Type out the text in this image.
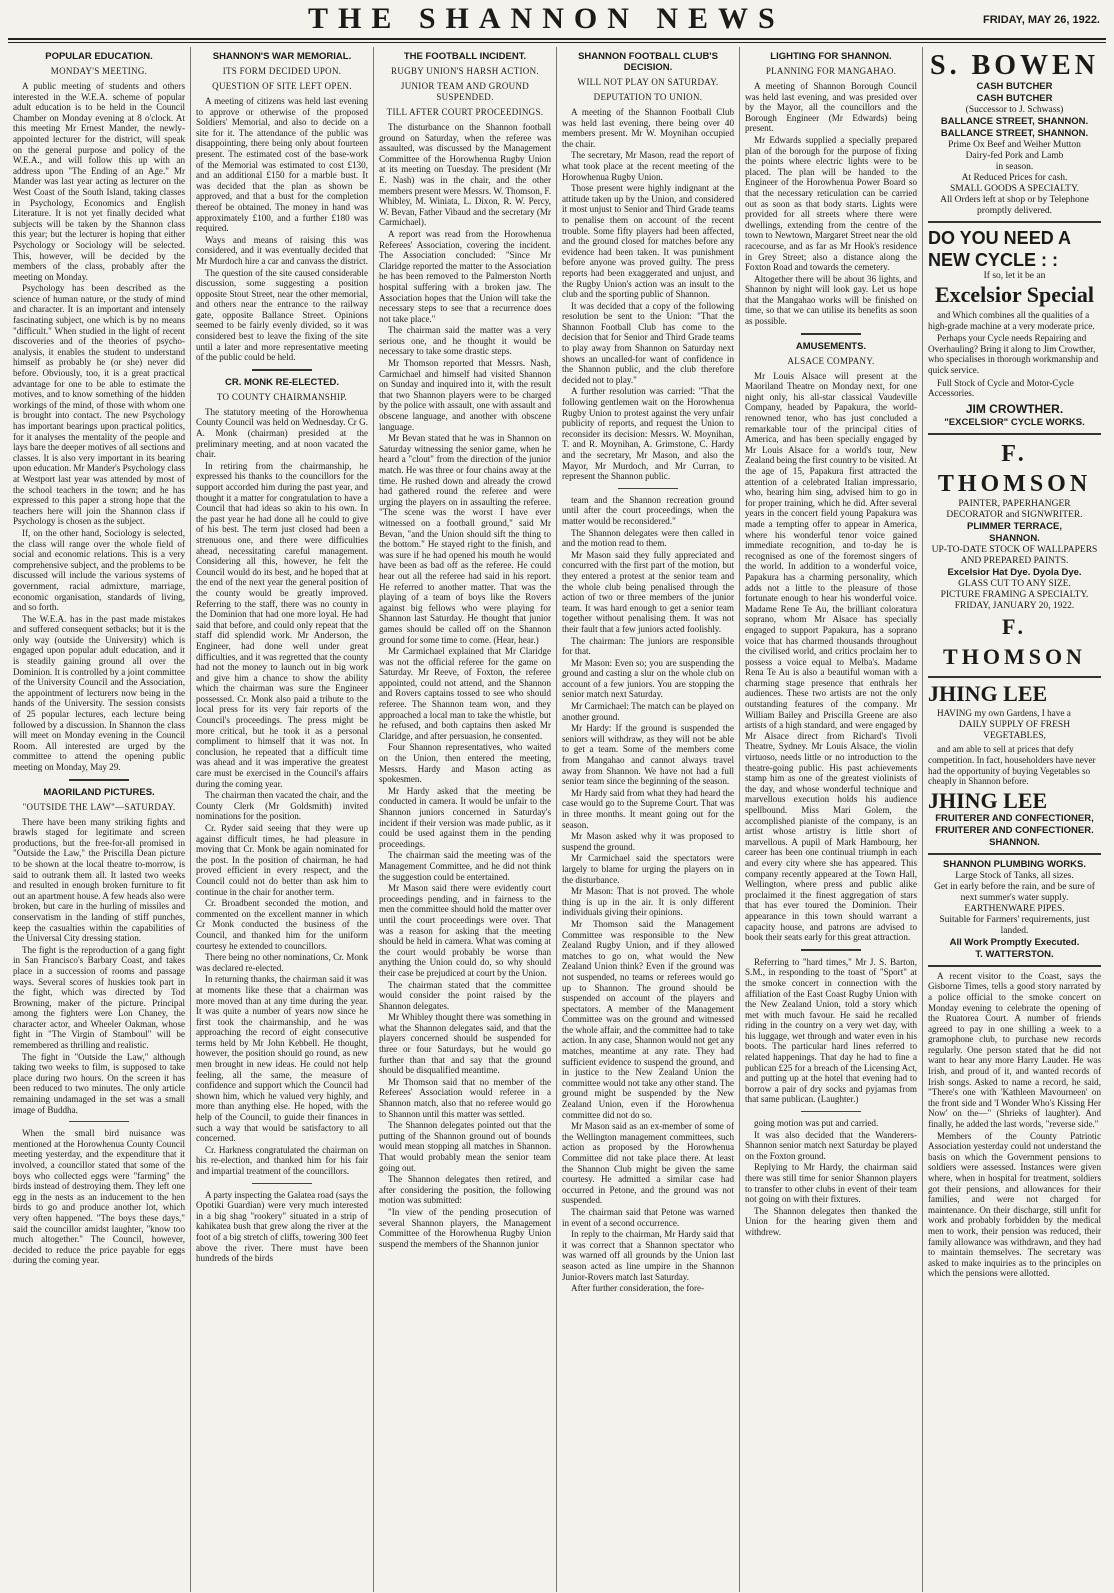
THE SHANNON NEWS	FRIDAY, MAY 26, 1922.
POPULAR EDUCATION.
MONDAY'S MEETING.

A public meeting of students and others interested in the W.E.A. scheme of popular adult education is to be held in the Council Chamber on Monday evening at 8 o'clock. At this meeting Mr Ernest Mander, the newly-appointed lecturer for the district, will speak on the general purpose and policy of the W.E.A., and will follow this up with an address upon "The Ending of an Age." Mr Mander was last year acting as lecturer on the West Coast of the South Island, taking classes in Psychology, Economics and English Literature. It is not yet finally decided what subjects will be taken by the Shannon class this year; but the lecturer is hoping that either Psychology or Sociology will be selected. This, however, will be decided by the members of the class, probably after the meeting on Monday.

Psychology has been described as the science of human nature, or the study of mind and character. It is an important and intensely fascinating subject, one which is by no means "difficult." When studied in the light of recent discoveries and of the theories of psycho-analysis, it enables the student to understand himself as probably he (or she) never did before. Obviously, too, it is a great practical advantage for one to be able to estimate the motives, and to know something of the hidden workings of the mind, of those with whom one is brought into contact. The new Psychology has important bearings upon practical politics, for it analyses the mentality of the people and lays bare the deeper motives of all sections and classes. It is also very important in its bearing upon education. Mr Mander's Psychology class at Westport last year was attended by most of the school teachers in the town; and he has expressed to this paper a strong hope that the teachers here will join the Shannon class if Psychology is chosen as the subject.

If, on the other hand, Sociology is selected, the class will range over the whole field of social and economic relations. This is a very comprehensive subject, and the problems to be discussed will include the various systems of government, racial admixture, marriage, economic organisation, standards of living, and so forth.

The W.E.A. has in the past made mistakes and suffered consequent setbacks; but it is the only way (outside the University) which is engaged upon popular adult education, and it is steadily gaining ground all over the Dominion. It is controlled by a joint committee of the University Council and the Association, the appointment of lecturers now being in the hands of the University. The session consists of 25 popular lectures, each lecture being followed by a discussion. In Shannon the class will meet on Monday evening in the Council Room. All interested are urged by the committee to attend the opening public meeting on Monday, May 29.

MAORILAND PICTURES.
"OUTSIDE THE LAW"—SATURDAY.

There have been many striking fights and brawls staged for legitimate and screen productions, but the free-for-all promised in "Outside the Law," the Priscilla Dean picture to be shown at the local theatre to-morrow, is said to outrank them all. It lasted two weeks and resulted in enough broken furniture to fit out an apartment house. A few heads also were broken, but care in the hurling of missiles and conservatism in the landing of stiff punches, keep the casualties within the capabilities of the Universal City dressing station.

The fight is the reproduction of a gang fight in San Francisco's Barbary Coast, and takes place in a succession of rooms and passage ways. Several scores of huskies took part in the fight, which was directed by Tod Browning, maker of the picture. Principal among the fighters were Lon Chaney, the character actor, and Wheeler Oakman, whose fight in "The Virgin of Stamboul" will be remembered as thrilling and realistic.

The fight in "Outside the Law," although taking two weeks to film, is supposed to take place during two hours. On the screen it has been reduced to two minutes. The only article remaining undamaged in the set was a small image of Buddha.

When the small bird nuisance was mentioned at the Horowhenua County Council meeting yesterday, and the expenditure that it involved, a councillor stated that some of the boys who collected eggs were "farming" the birds instead of destroying them. They left one egg in the nests as an inducement to the hen birds to go and produce another lot, which very often happened. "The boys these days," said the councillor amidst laughter, "know too much altogether." The Council, however, decided to reduce the price payable for eggs during the coming year.

SHANNON'S WAR MEMORIAL.
ITS FORM DECIDED UPON.
QUESTION OF SITE LEFT OPEN.

A meeting of citizens was held last evening to approve or otherwise of the proposed Soldiers' Memorial, and also to decide on a site for it. The attendance of the public was disappointing, there being only about fourteen present. The estimated cost of the base-work of the Memorial was estimated to cost £130, and an additional £150 for a marble bust. It was decided that the plan as shown be approved, and that a bust for the completion thereof be obtained. The money in hand was approximately £100, and a further £180 was required.

Ways and means of raising this was considered, and it was eventually decided that Mr Murdoch hire a car and canvass the district.

The question of the site caused considerable discussion, some suggesting a position opposite Stout Street, near the other memorial, and others near the entrance to the railway gate, opposite Ballance Street. Opinions seemed to be fairly evenly divided, so it was considered best to leave the fixing of the site until a later and more representative meeting of the public could be held.

CR. MONK RE-ELECTED.
TO COUNTY CHAIRMANSHIP.

The statutory meeting of the Horowhenua County Council was held on Wednesday. Cr G. A. Monk (chairman) presided at the preliminary meeting, and at noon vacated the chair.

In retiring from the chairmanship, he expressed his thanks to the councillors for the support accorded him during the past year, and thought it a matter for congratulation to have a Council that had ideas so akin to his own. In the past year he had done all he could to give of his best. The term just closed had been a strenuous one, and there were difficulties ahead, necessitating careful management. Considering all this, however, he felt the Council would do its best, and he hoped that at the end of the next year the general position of the county would be greatly improved. Referring to the staff, there was no county in the Dominion that had one more loyal. He had said that before, and could only repeat that the staff did splendid work. Mr Anderson, the Engineer, had done well under great difficulties, and it was regretted that the county had not the money to launch out in big work and give him a chance to show the ability which the chairman was sure the Engineer possessed. Cr. Monk also paid a tribute to the local press for its very fair reports of the Council's proceedings. The press might be more critical, but he took it as a personal compliment to himself that it was not. In conclusion, he repeated that a difficult time was ahead and it was imperative the greatest care must be exercised in the Council's affairs during the coming year.

The chairman then vacated the chair, and the County Clerk (Mr Goldsmith) invited nominations for the position.

Cr. Ryder said seeing that they were up against difficult times, he had pleasure in moving that Cr. Monk be again nominated for the post. In the position of chairman, he had proved efficient in every respect, and the Council could not do better than ask him to continue in the chair for another term.

Cr. Broadbent seconded the motion, and commented on the excellent manner in which Cr Monk conducted the business of the Council, and thanked him for the uniform courtesy he extended to councillors.

There being no other nominations, Cr. Monk was declared re-elected.

In returning thanks, the chairman said it was at moments like these that a chairman was more moved than at any time during the year. It was quite a number of years now since he first took the chairmanship, and he was approaching the record of eight consecutive terms held by Mr John Kebbell. He thought, however, the position should go round, as new men brought in new ideas. He could not help feeling, all the same, the measure of confidence and support which the Council had shown him, which he valued very highly, and more than anything else. He hoped, with the help of the Council, to guide their finances in such a way that would be satisfactory to all concerned.

Cr. Harkness congratulated the chairman on his re-election, and thanked him for his fair and impartial treatment of the councillors.

A party inspecting the Galatea road (says the Opotiki Guardian) were very much interested in a big shag "rookery" situated in a strip of kahikatea bush that grew along the river at the foot of a big stretch of cliffs, towering 300 feet above the river. There must have been hundreds of the birds

THE FOOTBALL INCIDENT.
RUGBY UNION'S HARSH ACTION.
JUNIOR TEAM AND GROUND SUSPENDED.
TILL AFTER COURT PROCEEDINGS.

The disturbance on the Shannon football ground on Saturday, when the referee was assaulted, was discussed by the Management Committee of the Horowhenua Rugby Union at its meeting on Tuesday. The president (Mr E. Nash) was in the chair, and the other members present were Messrs. W. Thomson, F. Whibley, M. Winiata, L. Dixon, R. W. Percy, W. Bevan, Father Vibaud and the secretary (Mr Carmichael).

A report was read from the Horowhenua Referees' Association, covering the incident. The Association concluded: "Since Mr Claridge reported the matter to the Association he has been removed to the Palmerston North hospital suffering with a broken jaw. The Association hopes that the Union will take the necessary steps to see that a recurrence does not take place."

The chairman said the matter was a very serious one, and he thought it would be necessary to take some drastic steps.

Mr Thomson reported that Messrs. Nash, Carmichael and himself had visited Shannon on Sunday and inquired into it, with the result that two Shannon players were to be charged by the police with assault, one with assault and obscene language, and another with obscene language.

Mr Bevan stated that he was in Shannon on Saturday witnessing the senior game, when he heard a "clout" from the direction of the junior match. He was three or four chains away at the time. He rushed down and already the crowd had gathered round the referee and were urging the players on in assaulting the referee. "The scene was the worst I have ever witnessed on a football ground," said Mr Bevan, "and the Union should sift the thing to the bottom." He stayed right to the finish, and was sure if he had opened his mouth he would have been as bad off as the referee. He could hear out all the referee had said in his report. He referred to another matter. That was the playing of a team of boys like the Rovers against big fellows who were playing for Shannon last Saturday. He thought that junior games should be called off on the Shannon ground for some time to come. (Hear, hear.)

Mr Carmichael explained that Mr Claridge was not the official referee for the game on Saturday. Mr Reeve, of Foxton, the referee appointed, could not attend, and the Shannon and Rovers captains tossed to see who should referee. The Shannon team won, and they approached a local man to take the whistle, but he refused, and both captains then asked Mr Claridge, and after persuasion, he consented.

Four Shannon representatives, who waited on the Union, then entered the meeting, Messrs. Hardy and Mason acting as spokesmen.

Mr Hardy asked that the meeting be conducted in camera. It would be unfair to the Shannon juniors concerned in Saturday's incident if their version was made public, as it could be used against them in the pending proceedings.

The chairman said the meeting was of the Management Committee, and he did not think the suggestion could be entertained.

Mr Mason said there were evidently court proceedings pending, and in fairness to the men the committee should hold the matter over until the court proceedings were over. That was a reason for asking that the meeting should be held in camera. What was coming at the court would probably be worse than anything the Union could do, so why should their case be prejudiced at court by the Union.

The chairman stated that the committee would consider the point raised by the Shannon delegates.

Mr Whibley thought there was something in what the Shannon delegates said, and that the players concerned should be suspended for three or four Saturdays, but he would go further than that and say that the ground should be disqualified meantime.

Mr Thomson said that no member of the Referees' Association would referee in a Shannon match, also that no referee would go to Shannon until this matter was settled.

The Shannon delegates pointed out that the putting of the Shannon ground out of bounds would mean stopping all matches in Shannon. That would probably mean the senior team going out.

The Shannon delegates then retired, and after considering the position, the following motion was submitted:

"In view of the pending prosecution of several Shannon players, the Management Committee of the Horowhenua Rugby Union suspend the members of the Shannon junior

SHANNON FOOTBALL CLUB'S DECISION.
WILL NOT PLAY ON SATURDAY.
DEPUTATION TO UNION.

A meeting of the Shannon Football Club was held last evening, there being over 40 members present. Mr W. Moynihan occupied the chair.

The secretary, Mr Mason, read the report of what took place at the recent meeting of the Horowhenua Rugby Union.

Those present were highly indignant at the attitude taken up by the Union, and considered it most unjust to Senior and Third Grade teams to penalise them on account of the recent trouble. Some fifty players had been affected, and the ground closed for matches before any evidence had been taken. It was punishment before anyone was proved guilty. The press reports had been exaggerated and unjust, and the Rugby Union's action was an insult to the club and the sporting public of Shannon.

It was decided that a copy of the following resolution be sent to the Union: "That the Shannon Football Club has come to the decision that for Senior and Third Grade teams to play away from Shannon on Saturday next shows an uncalled-for want of confidence in the Shannon public, and the club therefore decided not to play."

A further resolution was carried: "That the following gentlemen wait on the Horowhenua Rugby Union to protest against the very unfair publicity of reports, and request the Union to reconsider its decision: Messrs. W. Moynihan, T. and R. Moynihan, A. Grimstone, C. Hardy and the secretary, Mr Mason, and also the Mayor, Mr Murdoch, and Mr Curran, to represent the Shannon public.

team and the Shannon recreation ground until after the court proceedings, when the matter would be reconsidered."

The Shannon delegates were then called in and the motion read to them.

Mr Mason said they fully appreciated and concurred with the first part of the motion, but they entered a protest at the senior team and the whole club being penalised through the action of two or three members of the junior team. It was hard enough to get a senior team together without penalising them. It was not their fault that a few juniors acted foolishly.

The chairman: The juniors are responsible for that.

Mr Mason: Even so; you are suspending the ground and casting a slur on the whole club on account of a few juniors. You are stopping the senior match next Saturday.

Mr Carmichael: The match can be played on another ground.

Mr Hardy: If the ground is suspended the seniors will withdraw, as they will not be able to get a team. Some of the members come from Mangahao and cannot always travel away from Shannon. We have not had a full senior team since the beginning of the season.

Mr Hardy said from what they had heard the case would go to the Supreme Court. That was in three months. It meant going out for the season.

Mr Mason asked why it was proposed to suspend the ground.

Mr Carmichael said the spectators were largely to blame for urging the players on in the disturbance.

Mr Mason: That is not proved. The whole thing is up in the air. It is only different individuals giving their opinions.

Mr Thomson said the Management Committee was responsible to the New Zealand Rugby Union, and if they allowed matches to go on, what would the New Zealand Union think? Even if the ground was not suspended, no teams or referees would go up to Shannon. The ground should be suspended on account of the players and spectators. A member of the Management Committee was on the ground and witnessed the whole affair, and the committee had to take action. In any case, Shannon would not get any matches, meantime at any rate. They had sufficient evidence to suspend the ground, and in justice to the New Zealand Union the committee would not take any other stand. The ground might be suspended by the New Zealand Union, even if the Horowhenua committee did not do so.

Mr Mason said as an ex-member of some of the Wellington management committees, such action as proposed by the Horowhenua Committee did not take place there. At least the Shannon Club might be given the same courtesy. He admitted a similar case had occurred in Petone, and the ground was not suspended.

The chairman said that Petone was warned in event of a second occurrence.

In reply to the chairman, Mr Hardy said that it was correct that a Shannon spectator who was warned off all grounds by the Union last season acted as line umpire in the Shannon Junior-Rovers match last Saturday.

After further consideration, the fore-

LIGHTING FOR SHANNON.
PLANNING FOR MANGAHAO.

A meeting of Shannon Borough Council was held last evening, and was presided over by the Mayor, all the councillors and the Borough Engineer (Mr Edwards) being present.

Mr Edwards supplied a specially prepared plan of the borough for the purpose of fixing the points where electric lights were to be placed. The plan will be handed to the Engineer of the Horowhenua Power Board so that the necessary reticulation can be carried out as soon as that body starts. Lights were provided for all streets where there were dwellings, extending from the centre of the town to Newtown, Margaret Street near the old racecourse, and as far as Mr Hook's residence in Grey Street; also a distance along the Foxton Road and towards the cemetery.

Altogether there will be about 36 lights, and Shannon by night will look gay. Let us hope that the Mangahao works will be finished on time, so that we can utilise its benefits as soon as possible.

AMUSEMENTS.
ALSACE COMPANY.

Mr Louis Alsace will present at the Maoriland Theatre on Monday next, for one night only, his all-star classical Vaudeville Company, headed by Papakura, the world-renowned tenor, who has just concluded a remarkable tour of the principal cities of America, and has been specially engaged by Mr Louis Alsace for a world's tour, New Zealand being the first country to be visited. At the age of 15, Papakura first attracted the attention of a celebrated Italian impressario, who, hearing him sing, advised him to go in for proper training, which he did. After several years in the concert field young Papakura was made a tempting offer to appear in America, where his wonderful tenor voice gained immediate recognition, and to-day he is recognised as one of the foremost singers of the world. In addition to a wonderful voice, Papakura has a charming personality, which adds not a little to the pleasure of those fortunate enough to hear his wonderful voice. Madame Rene Te Au, the brilliant coloratura soprano, whom Mr Alsace has specially engaged to support Papakura, has a soprano voice that has charmed thousands throughout the civilised world, and critics proclaim her to possess a voice equal to Melba's. Madame Rena Te Au is also a beautiful woman with a charming stage presence that enthrals her audiences. These two artists are not the only outstanding features of the company. Mr William Bailey and Priscilla Greene are also artists of a high standard, and were engaged by Mr Alsace direct from Richard's Tivoli Theatre, Sydney. Mr Louis Alsace, the violin virtuoso, needs little or no introduction to the theatre-going public. His past achievements stamp him as one of the greatest violinists of the day, and whose wonderful technique and marvellous execution holds his audience spellbound. Miss Mari Golem, the accomplished pianiste of the company, is an artist whose artistry is little short of marvellous. A pupil of Mark Hambourg, her career has been one continual triumph in each and every city where she has appeared. This company recently appeared at the Town Hall, Wellington, where press and public alike proclaimed it the finest aggregation of stars that has ever toured the Dominion. Their appearance in this town should warrant a capacity house, and patrons are advised to book their seats early for this great attraction.

Referring to "hard times," Mr J. S. Barton, S.M., in responding to the toast of "Sport" at the smoke concert in connection with the affiliation of the East Coast Rugby Union with the New Zealand Union, told a story which met with much favour. He said he recalled riding in the country on a very wet day, with his luggage, wet through and water even in his boots. The particular hard lines referred to related happenings. That day he had to fine a publican £25 for a breach of the Licensing Act, and putting up at the hotel that evening had to borrow a pair of dry socks and pyjamas from that same publican. (Laughter.)

going motion was put and carried.

It was also decided that the Wanderers-Shannon senior match next Saturday be played on the Foxton ground.

Replying to Mr Hardy, the chairman said there was still time for senior Shannon players to transfer to other clubs in event of their team not going on with their fixtures.

The Shannon delegates then thanked the Union for the hearing given them and withdrew.

S. BOWEN
CASH BUTCHER
CASH BUTCHER
(Successor to J. Schwass)
BALLANCE STREET, SHANNON.
BALLANCE STREET, SHANNON.
Prime Ox Beef and Weiher Mutton
Dairy-fed Pork and Lamb
in season.
At Reduced Prices for cash.
SMALL GOODS A SPECIALTY.
All Orders left at shop or by Telephone promptly delivered.
DO YOU NEED A NEW CYCLE : :
If so, let it be an
Excelsior Special

and Which combines all the qualities of a high-grade machine at a very moderate price.

Perhaps your Cycle needs Repairing and Overhauling? Bring it along to Jim Crowther, who specialises in thorough workmanship and quick service.

Full Stock of Cycle and Motor-Cycle Accessories.

JIM CROWTHER.
"EXCELSIOR" CYCLE WORKS.
F. THOMSON
PAINTER, PAPERHANGER
DECORATOR and SIGNWRITER.
PLIMMER TERRACE,
SHANNON.
UP-TO-DATE STOCK OF WALLPAPERS AND PREPARED PAINTS.
Excelsior Hat Dye. Dyola Dye.
GLASS CUT TO ANY SIZE.
PICTURE FRAMING A SPECIALTY.
FRIDAY, JANUARY 20, 1922.
F. THOMSON
JHING LEE

HAVING my own Gardens, I have a

DAILY SUPPLY OF FRESH VEGETABLES,

and am able to sell at prices that defy competition. In fact, householders have never had the opportunity of buying Vegetables so cheaply in Shannon before.

JHING LEE
FRUITERER AND CONFECTIONER,
FRUITERER AND CONFECTIONER.
SHANNON.
SHANNON PLUMBING WORKS.
Large Stock of Tanks, all sizes.
Get in early before the rain, and be sure of next summer's water supply.
EARTHENWARE PIPES.
Suitable for Farmers' requirements, just landed.
All Work Promptly Executed.
T. WATTERSTON.

A recent visitor to the Coast, says the Gisborne Times, tells a good story narrated by a police official to the smoke concert on Monday evening to celebrate the opening of the Ruatorea Court. A number of friends agreed to pay in one shilling a week to a gramophone club, to purchase new records regularly. One person stated that he did not want to hear any more Harry Lauder. He was Irish, and proud of it, and wanted records of Irish songs. Asked to name a record, he said, "There's one with 'Kathleen Mavourneen' on the front side and 'I Wonder Who's Kissing Her Now' on the—" (Shrieks of laughter). And finally, he added the last words, "reverse side."

Members of the County Patriotic Association yesterday could not understand the basis on which the Government pensions to soldiers were assessed. Instances were given where, when in hospital for treatment, soldiers got their pensions, and allowances for their families, and were not charged for maintenance. On their discharge, still unfit for work and probably forbidden by the medical men to work, their pension was reduced, their family allowance was withdrawn, and they had to maintain themselves. The secretary was asked to make inquiries as to the principles on which the pensions were allotted.
